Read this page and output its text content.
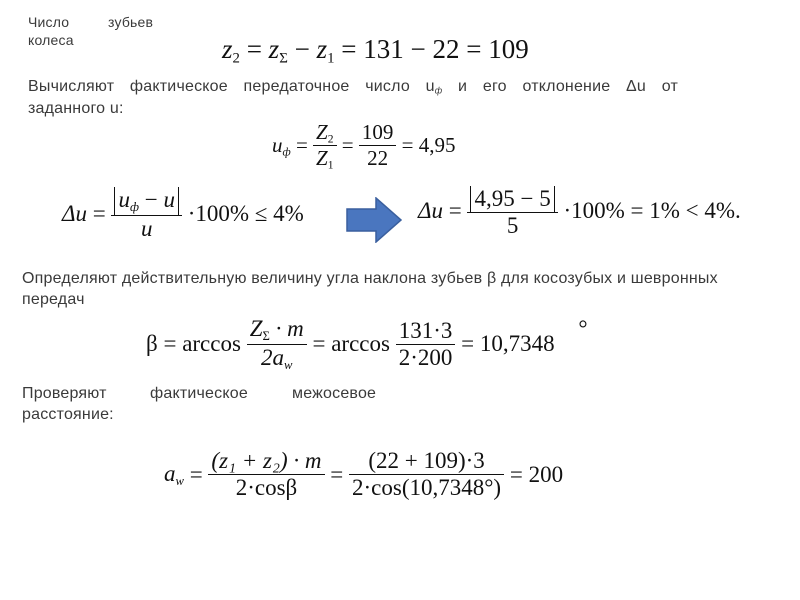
Число	зубьев
колеса	$z_2 = z_\Sigma - z_1 = 131 - 22 = 109$
Вычисляют фактическое передаточное число $u_ф$ и его отклонение Δu от
заданного u:
$u_ф = \frac{Z_2}{Z_1} = \frac{109}{22} = 4,95$
$\Delta u = \frac{u_ф - u}{u} \cdot 100\% \le 4\%$	$\Delta u = \frac{4,95 - 5}{5} \cdot 100\% = 1\% < 4\%$.
Определяют действительную величину угла наклона зубьев β для косозубых и шевронных
передач
$\beta = \arccos \frac{Z_\Sigma \cdot m}{2a_w} = \arccos \frac{131\cdot 3}{2\cdot 200} = 10,7348$ °
Проверяют	фактическое	межосевое
расстояние:
$a_w = \frac{\text{(z₁ + z₂) · m}}{2\cdot\cos\beta} = \frac{(22 + 109)\cdot 3}{2\cdot\cos(10,7348^\circ)} = 200$
